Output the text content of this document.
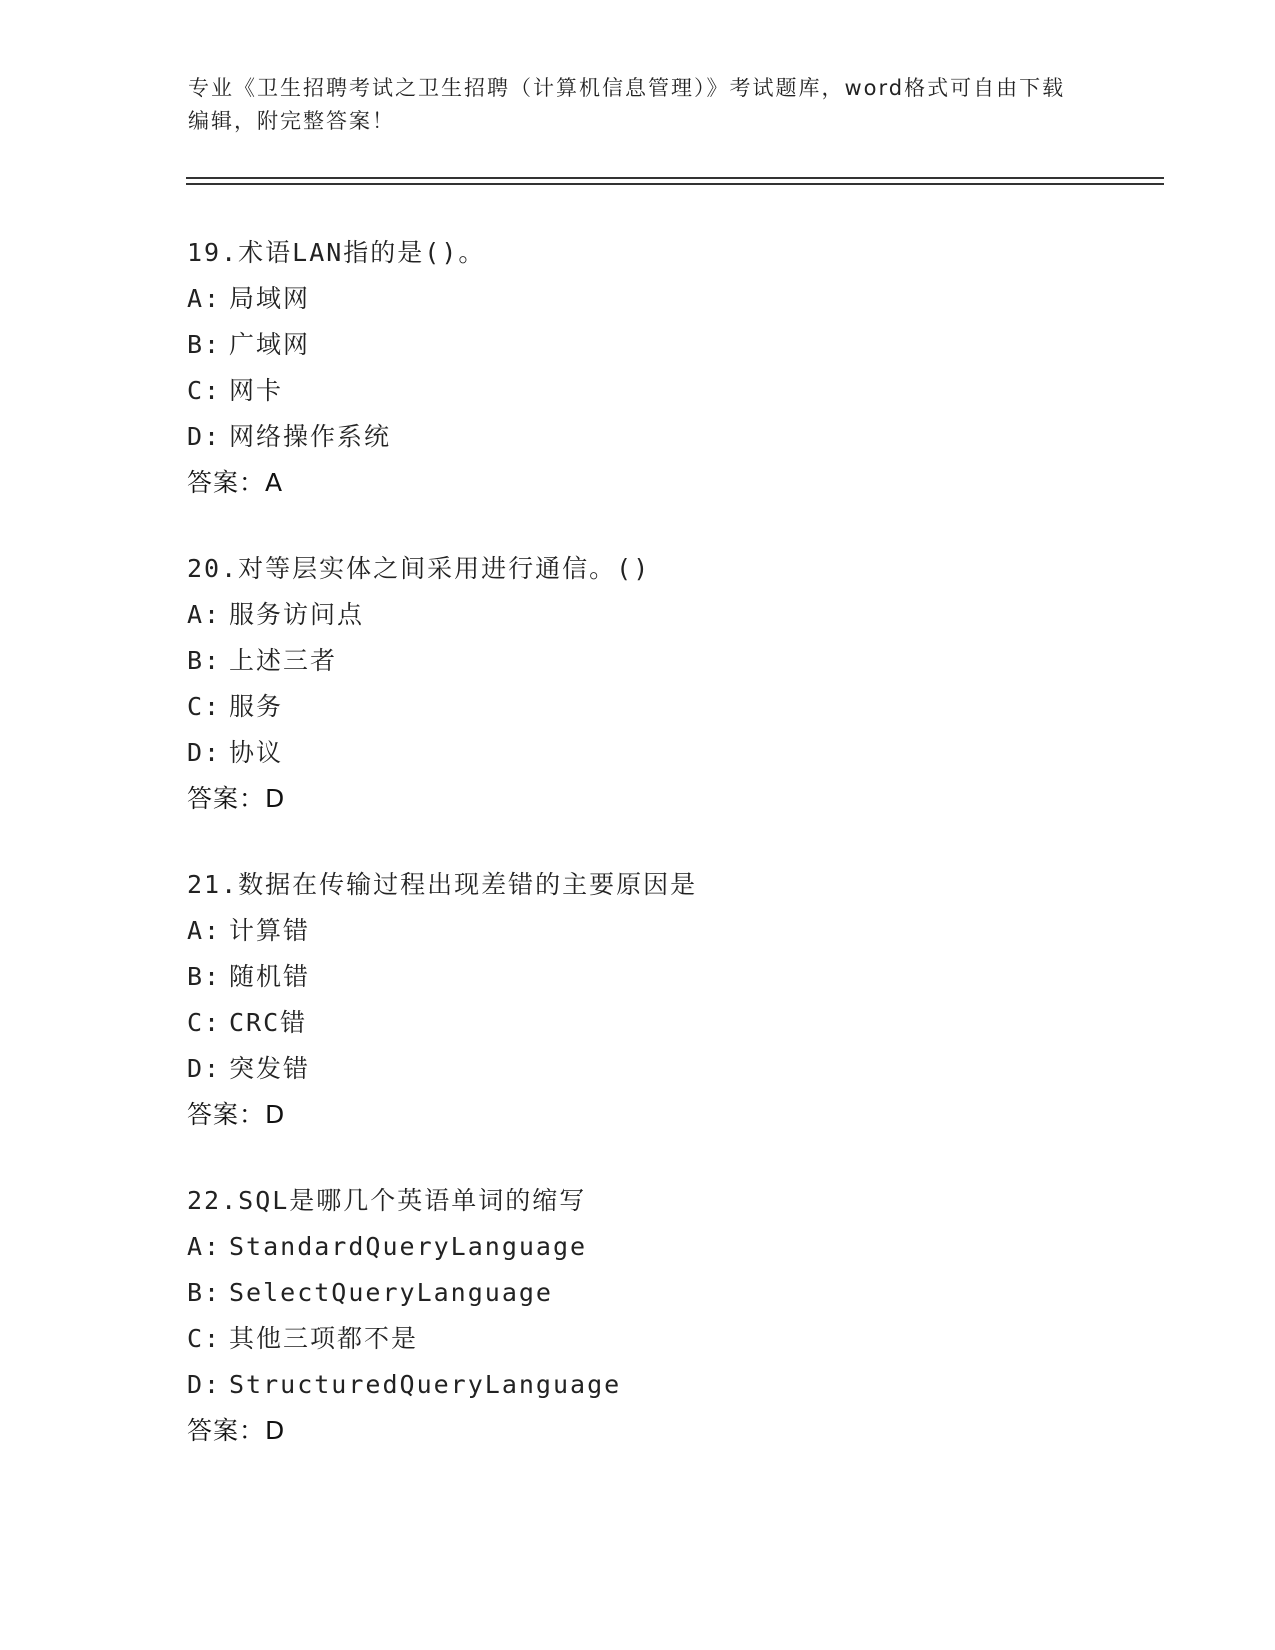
专业《卫生招聘考试之卫生招聘（计算机信息管理）》考试题库，word格式可自由下载编辑，附完整答案！
19.术语LAN指的是()。
A: 局域网
B: 广域网
C: 网卡
D: 网络操作系统
答案：A
20.对等层实体之间采用进行通信。()
A: 服务访问点
B: 上述三者
C: 服务
D: 协议
答案：D
21.数据在传输过程出现差错的主要原因是
A: 计算错
B: 随机错
C: CRC错
D: 突发错
答案：D
22.SQL是哪几个英语单词的缩写
A: StandardQueryLanguage
B: SelectQueryLanguage
C: 其他三项都不是
D: StructuredQueryLanguage
答案：D
